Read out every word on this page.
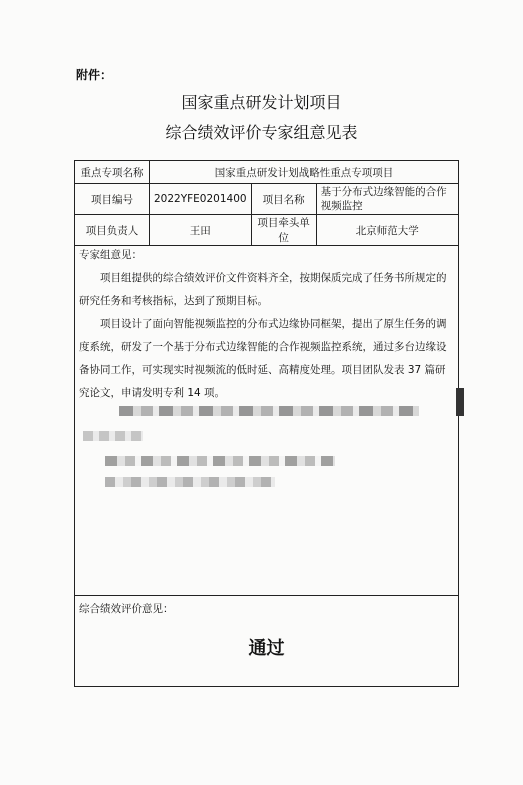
附件：
国家重点研发计划项目
综合绩效评价专家组意见表
重点专项名称	国家重点研发计划战略性重点专项项目		
项目编号	2022YFE0201400	项目名称	基于分布式边缘智能的合作视频监控
项目负责人	王田	项目牵头单位	北京师范大学
专家组意见：

项目组提供的综合绩效评价文件资料齐全，按期保质完成了任务书所规定的研究任务和考核指标，达到了预期目标。

项目设计了面向智能视频监控的分布式边缘协同框架，提出了原生任务的调度系统，研发了一个基于分布式边缘智能的合作视频监控系统，通过多台边缘设备协同工作，可实现实时视频流的低时延、高精度处理。项目团队发表 37 篇研究论文，申请发明专利 14 项。

综合绩效评价意见：
通过
